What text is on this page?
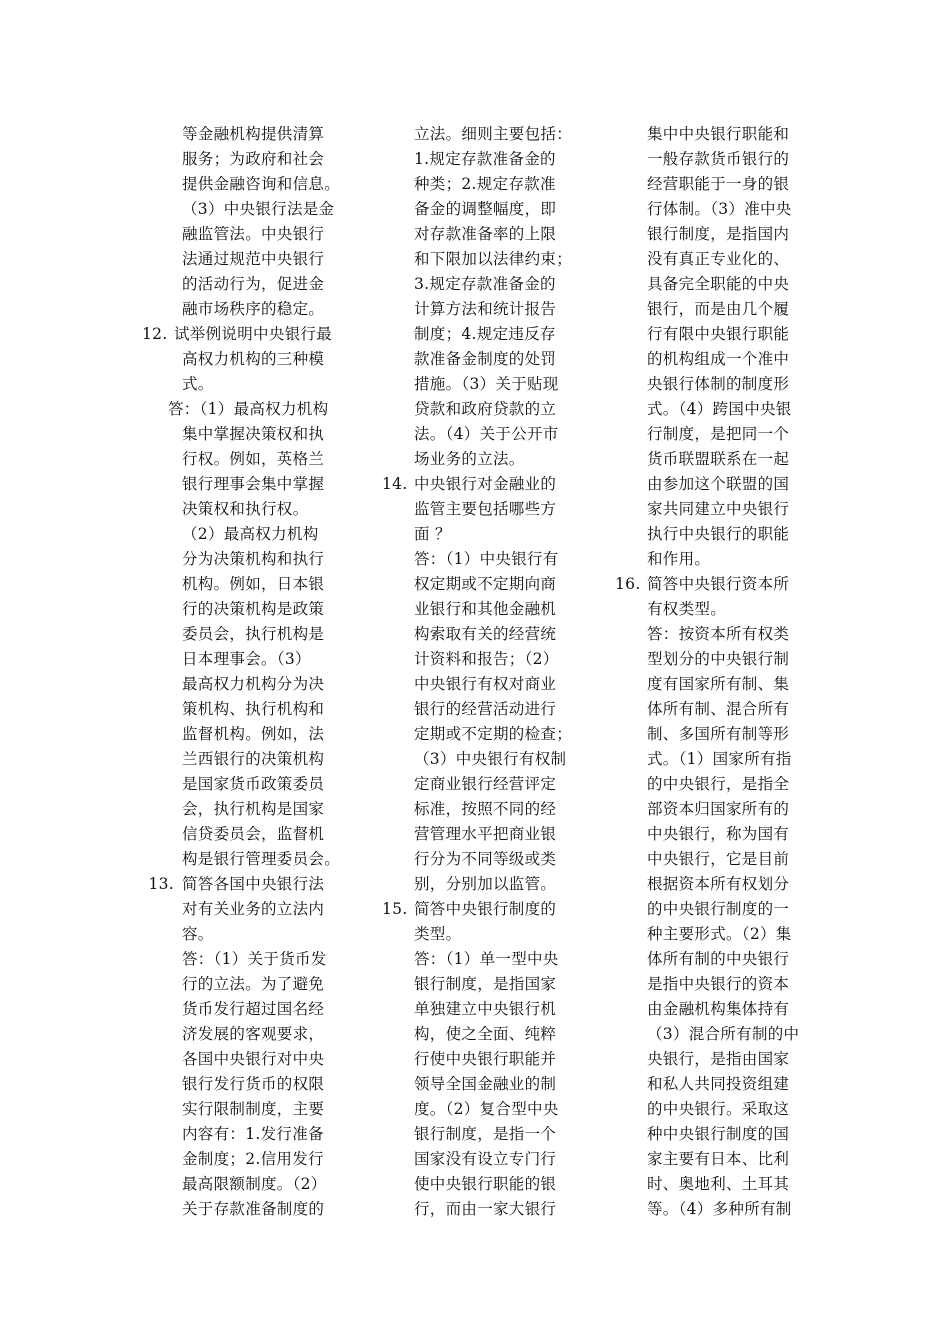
等金融机构提供清算
服务；为政府和社会
提供金融咨询和信息。
（3）中央银行法是金
融监管法。中央银行
法通过规范中央银行
的活动行为，促进金
融市场秩序的稳定。
12. 试举例说明中央银行最
高权力机构的三种模
式。
答：（1）最高权力机构
集中掌握决策权和执
行权。例如，英格兰
银行理事会集中掌握
决策权和执行权。
（2）最高权力机构
分为决策机构和执行
机构。例如，日本银
行的决策机构是政策
委员会，执行机构是
日本理事会。（3）
最高权力机构分为决
策机构、执行机构和
监督机构。例如，法
兰西银行的决策机构
是国家货币政策委员
会，执行机构是国家
信贷委员会，监督机
构是银行管理委员会。
13. 简答各国中央银行法
对有关业务的立法内
容。
答：（1）关于货币发
行的立法。为了避免
货币发行超过国名经
济发展的客观要求，
各国中央银行对中央
银行发行货币的权限
实行限制制度，主要
内容有：1.发行准备
金制度；2.信用发行
最高限额制度。（2）
关于存款准备制度的
立法。细则主要包括：
1.规定存款准备金的
种类；2.规定存款准
备金的调整幅度，即
对存款准备率的上限
和下限加以法律约束；
3.规定存款准备金的
计算方法和统计报告
制度；4.规定违反存
款准备金制度的处罚
措施。（3）关于贴现
贷款和政府贷款的立
法。（4）关于公开市
场业务的立法。
14. 中央银行对金融业的
监管主要包括哪些方
面 ？
答：（1）中央银行有
权定期或不定期向商
业银行和其他金融机
构索取有关的经营统
计资料和报告；（2）
中央银行有权对商业
银行的经营活动进行
定期或不定期的检查；
（3）中央银行有权制
定商业银行经营评定
标准，按照不同的经
营管理水平把商业银
行分为不同等级或类
别，分别加以监管。
15. 简答中央银行制度的
类型。
答：（1）单一型中央
银行制度，是指国家
单独建立中央银行机
构，使之全面、纯粹
行使中央银行职能并
领导全国金融业的制
度。（2）复合型中央
银行制度，是指一个
国家没有设立专门行
使中央银行职能的银
行，而由一家大银行
集中中央银行职能和
一般存款货币银行的
经营职能于一身的银
行体制。（3）准中央
银行制度，是指国内
没有真正专业化的、
具备完全职能的中央
银行，而是由几个履
行有限中央银行职能
的机构组成一个准中
央银行体制的制度形
式。（4）跨国中央银
行制度，是把同一个
货币联盟联系在一起
由参加这个联盟的国
家共同建立中央银行
执行中央银行的职能
和作用。
16. 简答中央银行资本所
有权类型。
答：按资本所有权类
型划分的中央银行制
度有国家所有制、集
体所有制、混合所有
制、多国所有制等形
式。（1）国家所有指
的中央银行，是指全
部资本归国家所有的
中央银行，称为国有
中央银行，它是目前
根据资本所有权划分
的中央银行制度的一
种主要形式。（2）集
体所有制的中央银行
是指中央银行的资本
由金融机构集体持有
（3）混合所有制的中
央银行，是指由国家
和私人共同投资组建
的中央银行。采取这
种中央银行制度的国
家主要有日本、比利
时、奥地利、土耳其
等。（4）多种所有制
